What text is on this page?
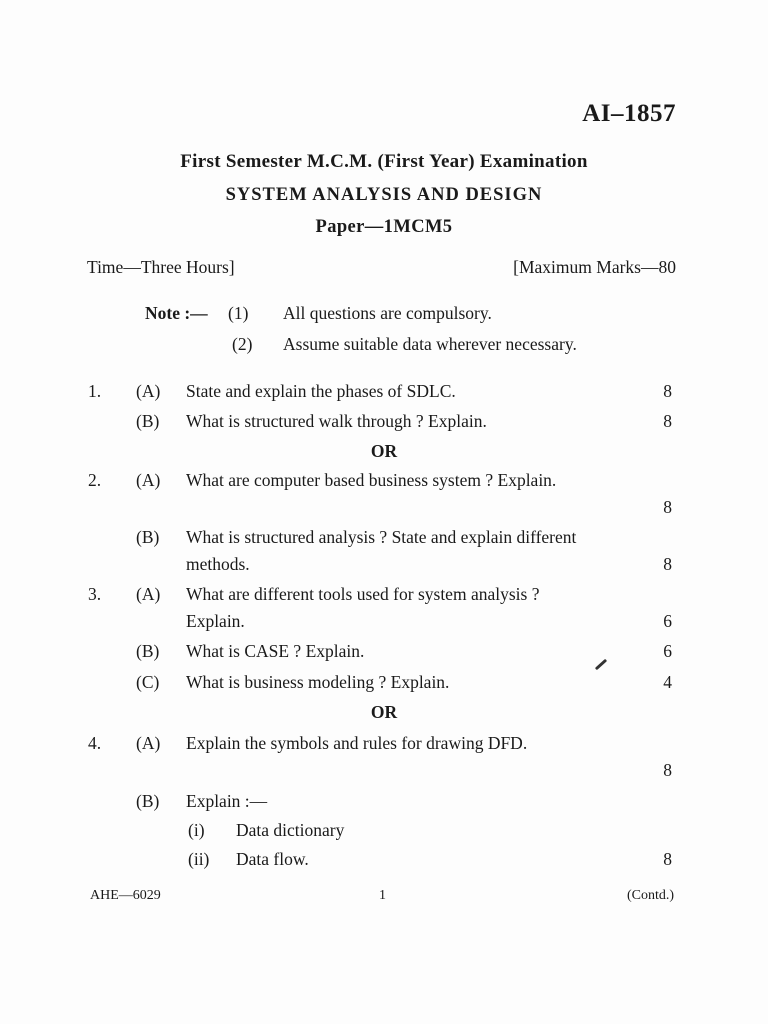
AI–1857
First Semester M.C.M. (First Year) Examination
SYSTEM ANALYSIS AND DESIGN
Paper—1MCM5
Time—Three Hours]	[Maximum Marks—80
Note :— (1) All questions are compulsory.
(2) Assume suitable data wherever necessary.
1. (A) State and explain the phases of SDLC.	8
(B) What is structured walk through ? Explain.	8
OR
2. (A) What are computer based business system ? Explain.
8
(B) What is structured analysis ? State and explain different
methods.	8
3. (A) What are different tools used for system analysis ?
Explain.	6
(B) What is CASE ? Explain.	6
(C) What is business modeling ? Explain.	4
OR
4. (A) Explain the symbols and rules for drawing DFD.
8
(B) Explain :—
(i) Data dictionary
(ii) Data flow.	8
AHE—6029	1	(Contd.)
